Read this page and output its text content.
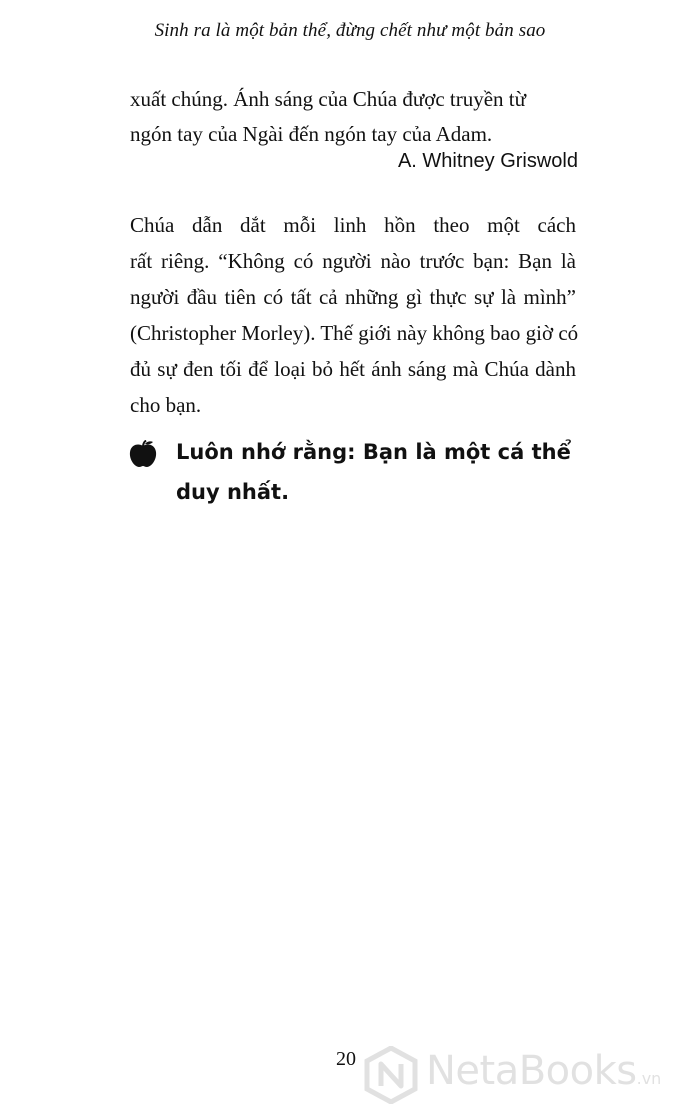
Sinh ra là một bản thể, đừng chết như một bản sao
xuất chúng. Ánh sáng của Chúa được truyền từ
ngón tay của Ngài đến ngón tay của Adam.
A. Whitney Griswold
Chúa dẫn dắt mỗi linh hồn theo một cách
rất riêng. “Không có người nào trước bạn: Bạn là
người đầu tiên có tất cả những gì thực sự là mình”
(Christopher Morley). Thế giới này không bao giờ có
đủ sự đen tối để loại bỏ hết ánh sáng mà Chúa dành
cho bạn.
Luôn nhớ rằng: Bạn là một cá thể
duy nhất.
20 NetaBooks.vn
